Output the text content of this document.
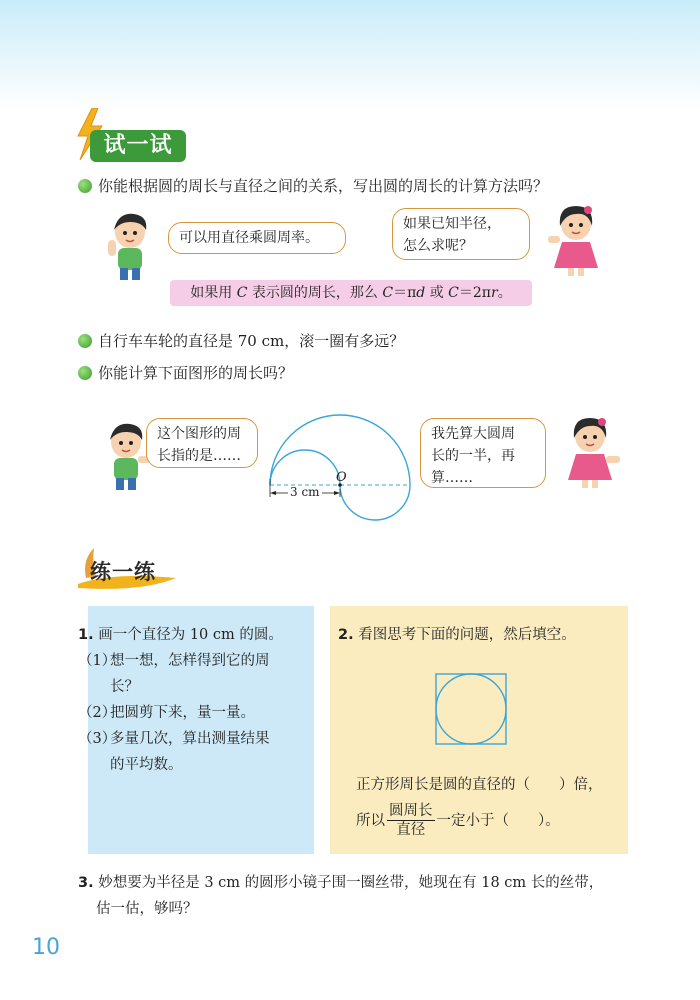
试一试
你能根据圆的周长与直径之间的关系，写出圆的周长的计算方法吗？
可以用直径乘圆周率。
如果已知半径，
怎么求呢？
如果用 C 表示圆的周长，那么 C＝πd 或 C＝2πr。
自行车车轮的直径是 70 cm，滚一圈有多远？
你能计算下面图形的周长吗？
这个图形的周
长指的是……
O
3 cm
我先算大圆周
长的一半，再
算……
练一练
1. 画一个直径为 10 cm 的圆。
（1）
想一想，怎样得到它的周
长？
（2）
把圆剪下来，量一量。
（3）
多量几次，算出测量结果
的平均数。
2. 看图思考下面的问题，然后填空。
正方形周长是圆的直径的（　　）倍，
所以 $\frac{\text{圆周长}}{\text{直径}}$ 一定小于（　　）。
3. 妙想要为半径是 3 cm 的圆形小镜子围一圈丝带，她现在有 18 cm 长的丝带，
估一估，够吗？
10
